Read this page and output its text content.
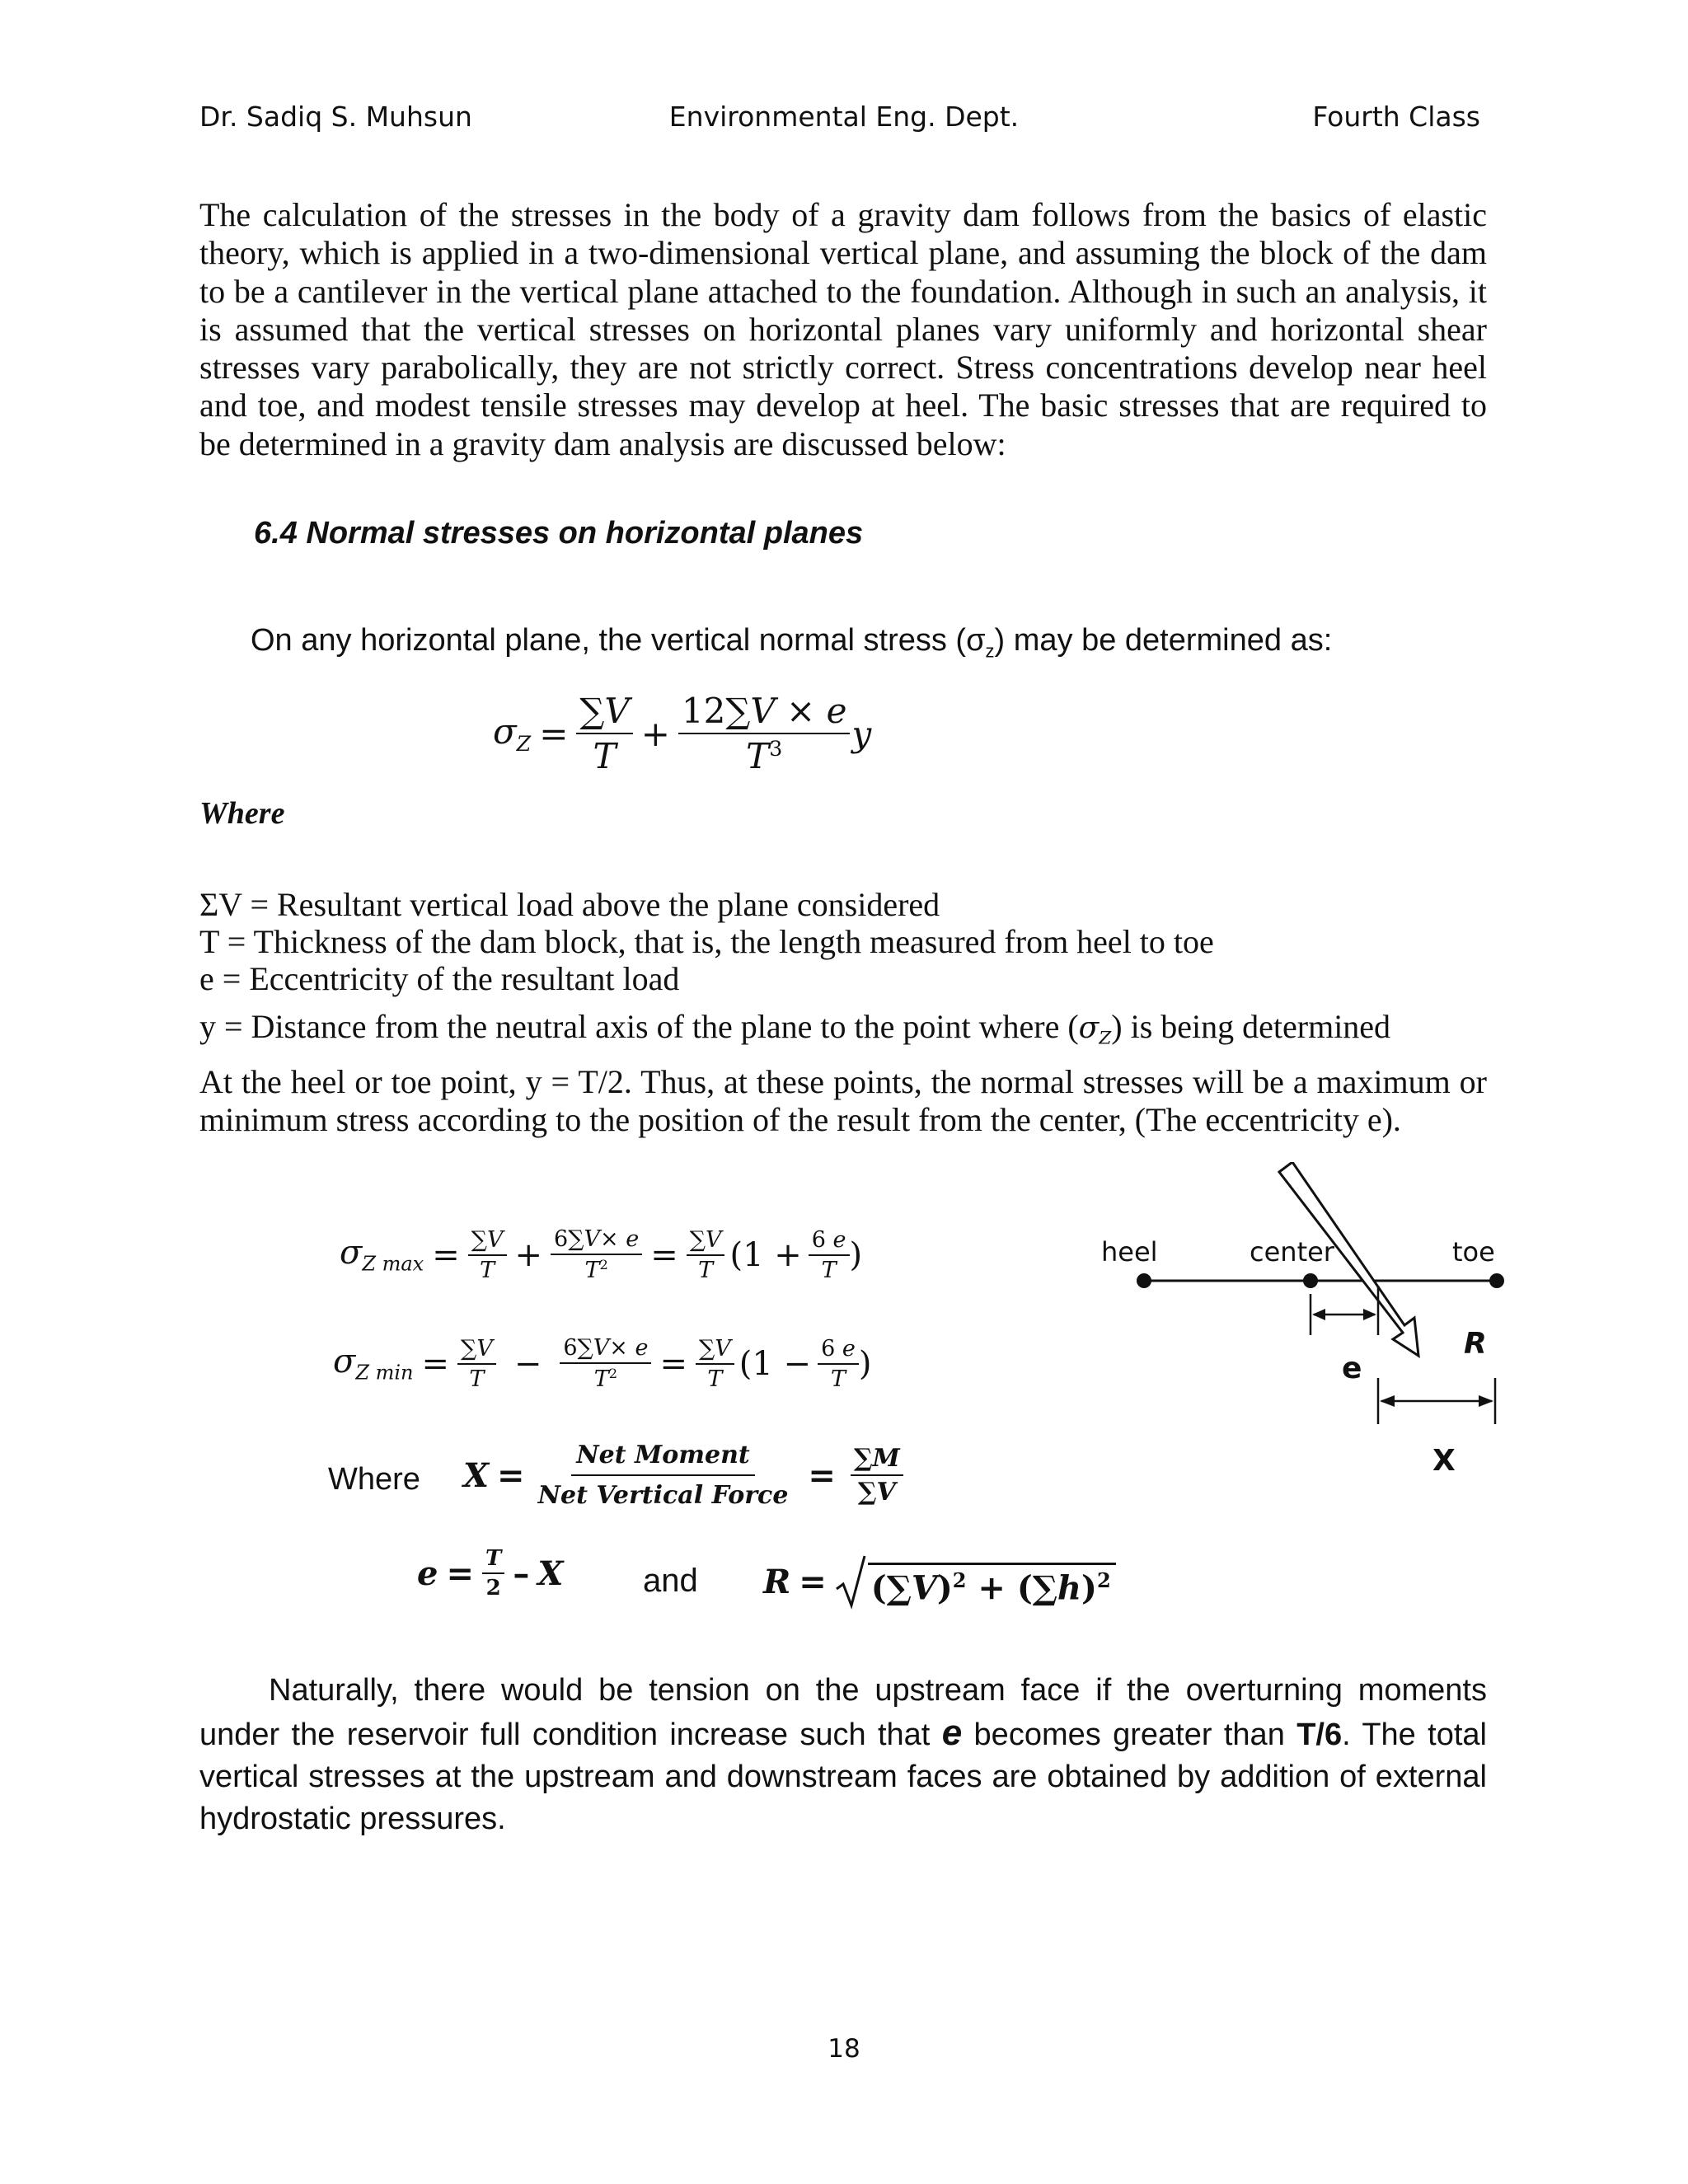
Dr. Sadiq S. Muhsun	Environmental Eng. Dept.	Fourth Class
The calculation of the stresses in the body of a gravity dam follows from the basics of elastic
theory, which is applied in a two-dimensional vertical plane, and assuming the block of the dam
to be a cantilever in the vertical plane attached to the foundation. Although in such an analysis, it
is assumed that the vertical stresses on horizontal planes vary uniformly and horizontal shear
stresses vary parabolically, they are not strictly correct. Stress concentrations develop near heel
and toe, and modest tensile stresses may develop at heel. The basic stresses that are required to
be determined in a gravity dam analysis are discussed below:
6.4 Normal stresses on horizontal planes
On any horizontal plane, the vertical normal stress $(\sigma_z)$ may be determined as:
$\sigma_Z = \frac{\sum V}{T} + \frac{12\sum V \times e}{T^3}$ y
Where
ΣV = Resultant vertical load above the plane considered
T = Thickness of the dam block, that is, the length measured from heel to toe
e = Eccentricity of the resultant load
y = Distance from the neutral axis of the plane to the point where $(\sigma_Z)$ is being determined
At the heel or toe point, y = T/2. Thus, at these points, the normal stresses will be a maximum or
minimum stress according to the position of the result from the center, (The eccentricity e).
$\sigma_{Z max} = \frac{\sum V}{T} + \frac{6\sum V\times e}{T^2} = \frac{\sum V}{T} (1 + \frac{6 e}{T}$ )
$\sigma_{Z min} = \frac{\sum V}{T} - \frac{6\sum V\times e}{T^2} = \frac{\sum V}{T} (1 - \frac{6 e}{T}$ )
Where $X = \frac{\text{Net Moment}}{\text{Net Vertical Force}} = \frac{\sum M}{\sum V}$
$e = \frac{T}{2} - X$ and $R = (\sum V)^2 + (\sum h)^2$
heel	center	toe
e
X
R
Naturally, there would be tension on the upstream face if the overturning moments
under the reservoir full condition increase such that e becomes greater than T/6. The total
vertical stresses at the upstream and downstream faces are obtained by addition of external
hydrostatic pressures.
18
